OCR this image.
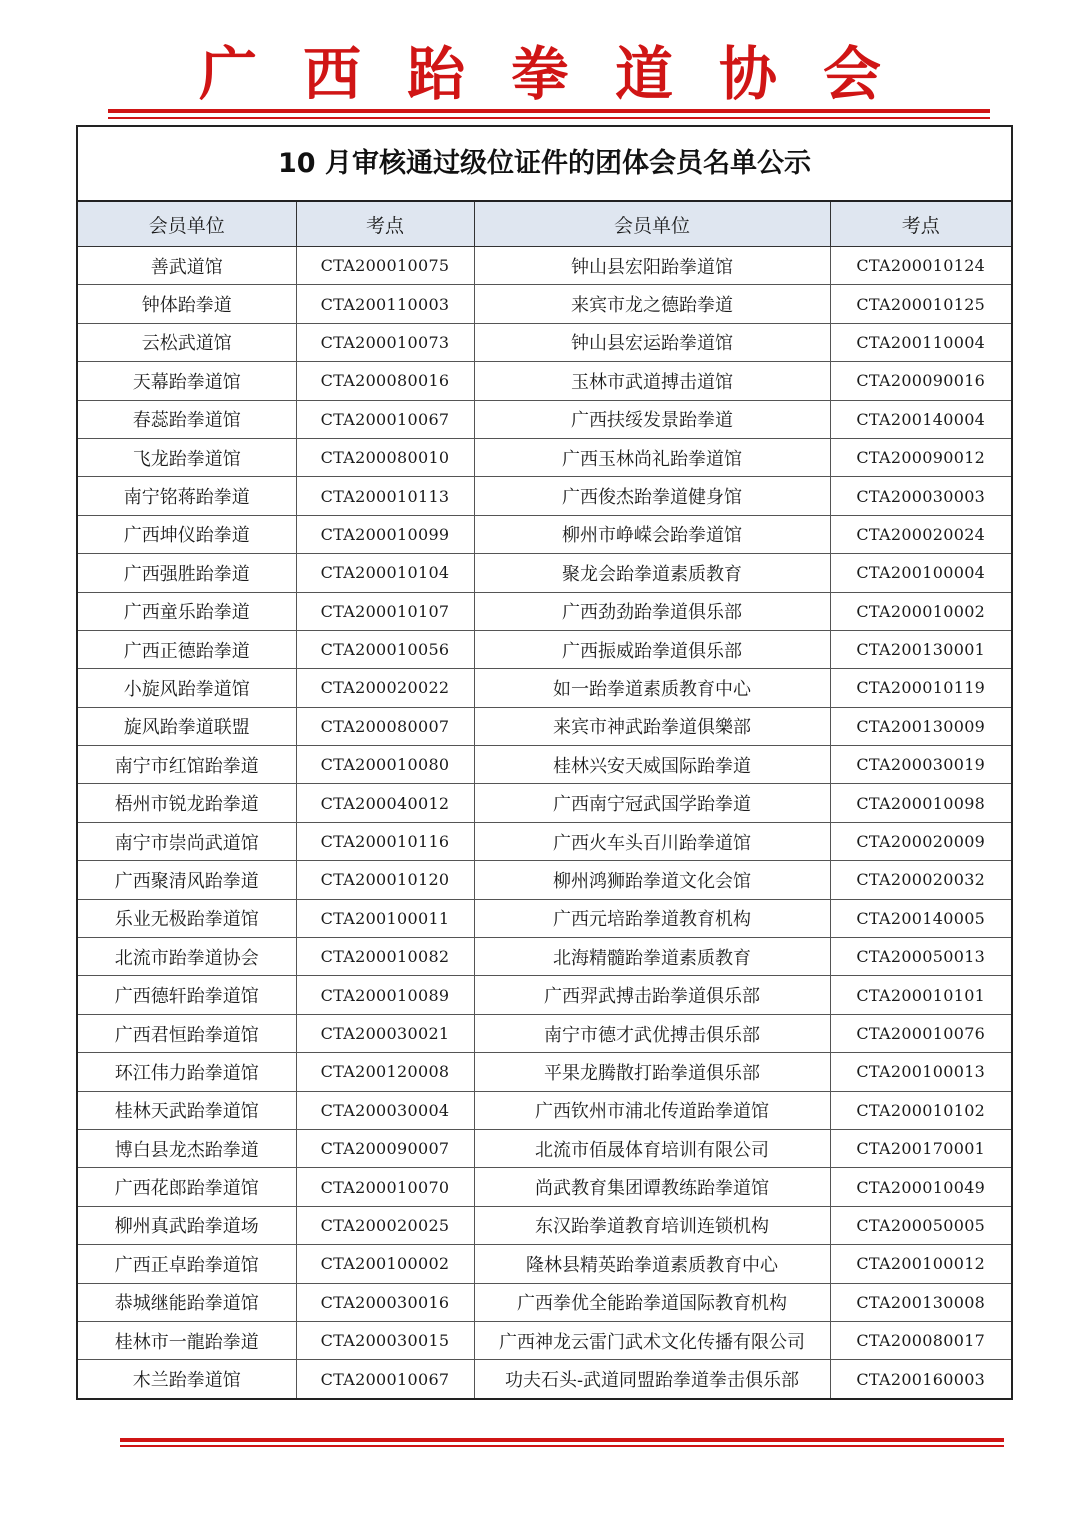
广西跆拳道协会
10 月审核通过级位证件的团体会员名单公示
会员单位	考点	会员单位	考点
善武道馆	CTA200010075	钟山县宏阳跆拳道馆	CTA200010124
钟体跆拳道	CTA200110003	来宾市龙之德跆拳道	CTA200010125
云松武道馆	CTA200010073	钟山县宏运跆拳道馆	CTA200110004
天幕跆拳道馆	CTA200080016	玉林市武道搏击道馆	CTA200090016
春蕊跆拳道馆	CTA200010067	广西扶绥发景跆拳道	CTA200140004
飞龙跆拳道馆	CTA200080010	广西玉林尚礼跆拳道馆	CTA200090012
南宁铭蒋跆拳道	CTA200010113	广西俊杰跆拳道健身馆	CTA200030003
广西坤仪跆拳道	CTA200010099	柳州市峥嵘会跆拳道馆	CTA200020024
广西强胜跆拳道	CTA200010104	聚龙会跆拳道素质教育	CTA200100004
广西童乐跆拳道	CTA200010107	广西劲劲跆拳道俱乐部	CTA200010002
广西正德跆拳道	CTA200010056	广西振威跆拳道俱乐部	CTA200130001
小旋风跆拳道馆	CTA200020022	如一跆拳道素质教育中心	CTA200010119
旋风跆拳道联盟	CTA200080007	来宾市神武跆拳道俱樂部	CTA200130009
南宁市红馆跆拳道	CTA200010080	桂林兴安天威国际跆拳道	CTA200030019
梧州市锐龙跆拳道	CTA200040012	广西南宁冠武国学跆拳道	CTA200010098
南宁市崇尚武道馆	CTA200010116	广西火车头百川跆拳道馆	CTA200020009
广西聚清风跆拳道	CTA200010120	柳州鸿狮跆拳道文化会馆	CTA200020032
乐业无极跆拳道馆	CTA200100011	广西元培跆拳道教育机构	CTA200140005
北流市跆拳道协会	CTA200010082	北海精髓跆拳道素质教育	CTA200050013
广西德轩跆拳道馆	CTA200010089	广西羿武搏击跆拳道俱乐部	CTA200010101
广西君恒跆拳道馆	CTA200030021	南宁市德才武优搏击俱乐部	CTA200010076
环江伟力跆拳道馆	CTA200120008	平果龙腾散打跆拳道俱乐部	CTA200100013
桂林天武跆拳道馆	CTA200030004	广西钦州市浦北传道跆拳道馆	CTA200010102
博白县龙杰跆拳道	CTA200090007	北流市佰晟体育培训有限公司	CTA200170001
广西花郎跆拳道馆	CTA200010070	尚武教育集团谭教练跆拳道馆	CTA200010049
柳州真武跆拳道场	CTA200020025	东汉跆拳道教育培训连锁机构	CTA200050005
广西正卓跆拳道馆	CTA200100002	隆林县精英跆拳道素质教育中心	CTA200100012
恭城继能跆拳道馆	CTA200030016	广西拳优全能跆拳道国际教育机构	CTA200130008
桂林市一龍跆拳道	CTA200030015	广西神龙云雷门武术文化传播有限公司	CTA200080017
木兰跆拳道馆	CTA200010067	功夫石头-武道同盟跆拳道拳击俱乐部	CTA200160003
